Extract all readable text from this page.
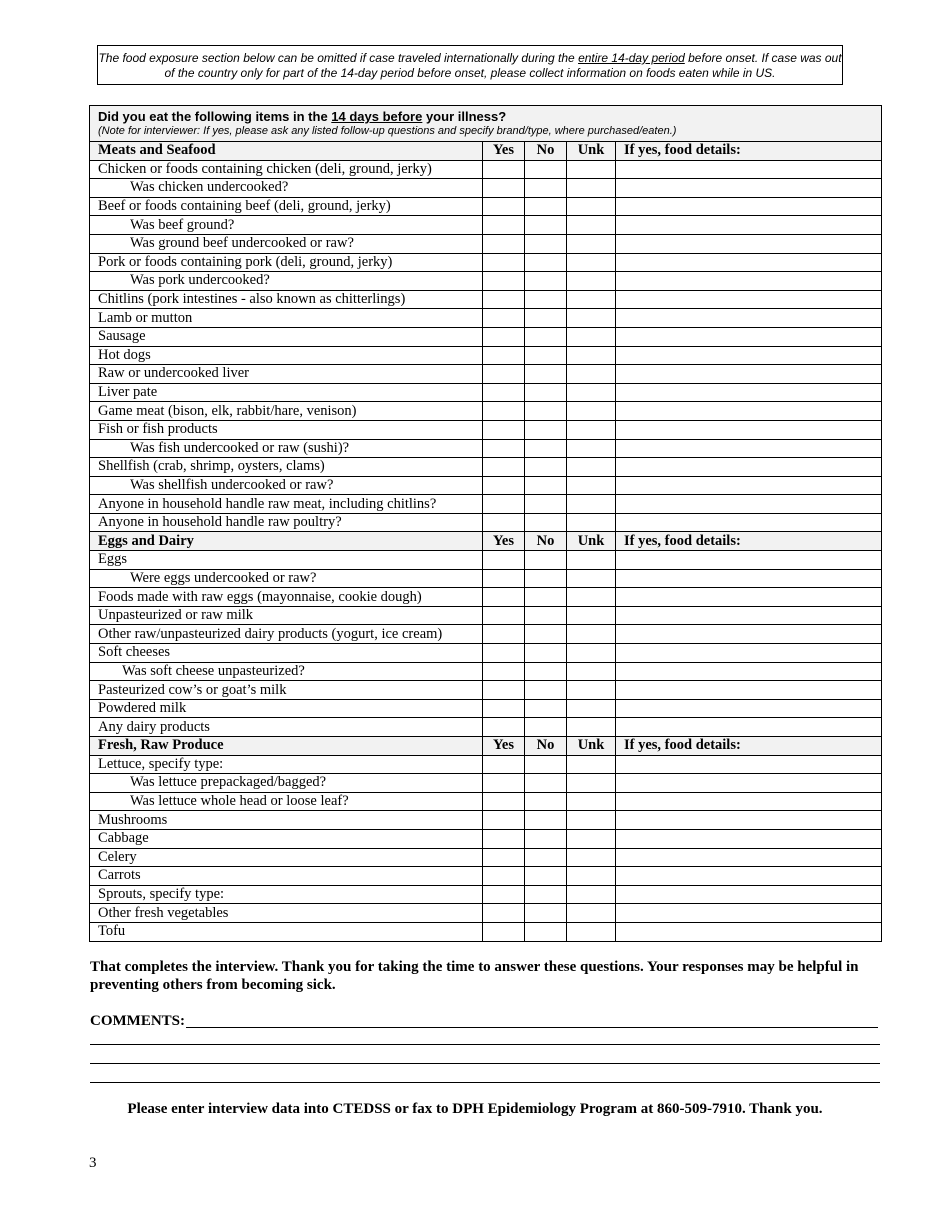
The food exposure section below can be omitted if case traveled internationally during the entire 14-day period before onset. If case was out of the country only for part of the 14-day period before onset, please collect information on foods eaten while in US.
Did you eat the following items in the 14 days before your illness?
(Note for interviewer: If yes, please ask any listed follow-up questions and specify brand/type, where purchased/eaten.)				

Meats and Seafood	Yes	No	Unk	If yes, food details:
Chicken or foods containing chicken (deli, ground, jerky)				
Was chicken undercooked?				
Beef or foods containing beef (deli, ground, jerky)				
Was beef ground?				
Was ground beef undercooked or raw?				
Pork or foods containing pork (deli, ground, jerky)				
Was pork undercooked?				
Chitlins (pork intestines - also known as chitterlings)				
Lamb or mutton				
Sausage				
Hot dogs				
Raw or undercooked liver				
Liver pate				
Game meat (bison, elk, rabbit/hare, venison)				
Fish or fish products				
Was fish undercooked or raw (sushi)?				
Shellfish (crab, shrimp, oysters, clams)				
Was shellfish undercooked or raw?				
Anyone in household handle raw meat, including chitlins?				
Anyone in household handle raw poultry?				
Eggs and Dairy	Yes	No	Unk	If yes, food details:
Eggs				
Were eggs undercooked or raw?				
Foods made with raw eggs (mayonnaise, cookie dough)				
Unpasteurized or raw milk				
Other raw/unpasteurized dairy products (yogurt, ice cream)				
Soft cheeses				
Was soft cheese unpasteurized?				
Pasteurized cow’s or goat’s milk				
Powdered milk				
Any dairy products				
Fresh, Raw Produce	Yes	No	Unk	If yes, food details:
Lettuce, specify type:				
Was lettuce prepackaged/bagged?				
Was lettuce whole head or loose leaf?				
Mushrooms				
Cabbage				
Celery				
Carrots				
Sprouts, specify type:				
Other fresh vegetables				
Tofu				
That completes the interview. Thank you for taking the time to answer these questions. Your responses may be helpful in preventing others from becoming sick.
COMMENTS:
Please enter interview data into CTEDSS or fax to DPH Epidemiology Program at 860-509-7910. Thank you.
3
